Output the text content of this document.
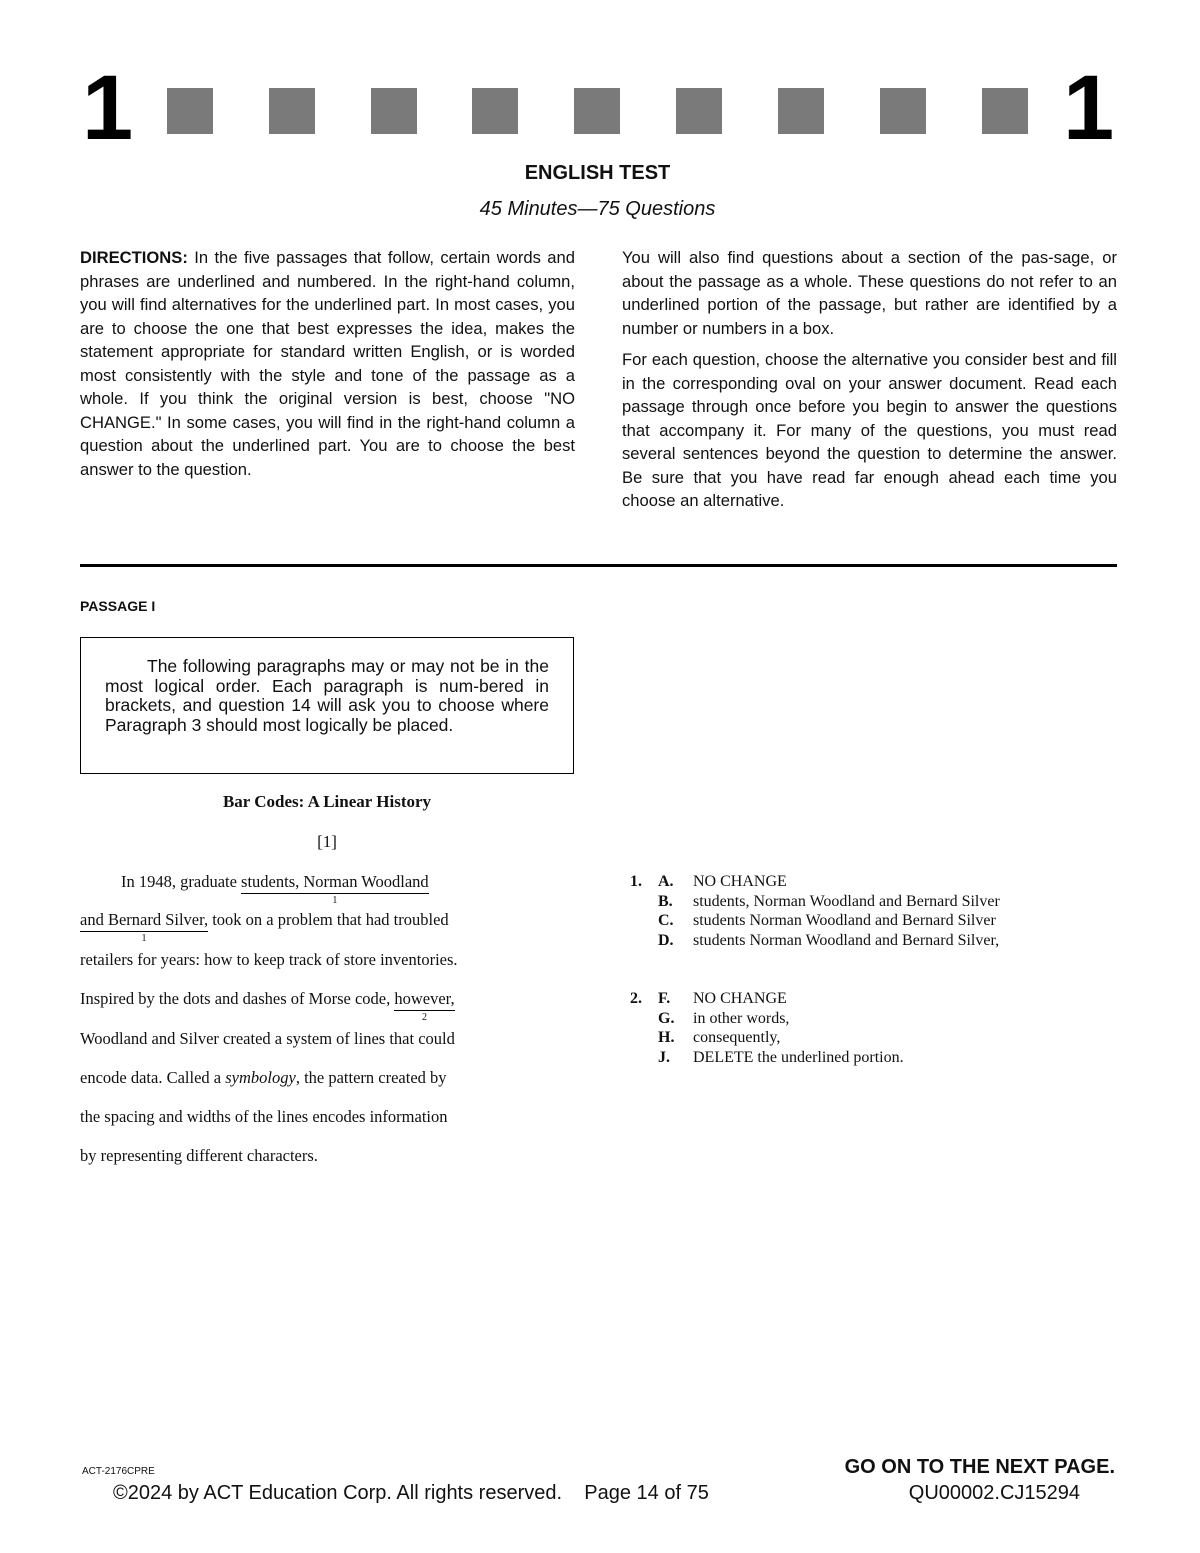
1	1
ENGLISH TEST
45 Minutes—75 Questions

DIRECTIONS: In the five passages that follow, certain words and phrases are underlined and numbered. In the right-hand column, you will find alternatives for the underlined part. In most cases, you are to choose the one that best expresses the idea, makes the statement appropriate for standard written English, or is worded most consistently with the style and tone of the passage as a whole. If you think the original version is best, choose "NO CHANGE." In some cases, you will find in the right-hand column a question about the underlined part. You are to choose the best answer to the question.

You will also find questions about a section of the pas-sage, or about the passage as a whole. These questions do not refer to an underlined portion of the passage, but rather are identified by a number or numbers in a box.

For each question, choose the alternative you consider best and fill in the corresponding oval on your answer document. Read each passage through once before you begin to answer the questions that accompany it. For many of the questions, you must read several sentences beyond the question to determine the answer. Be sure that you have read far enough ahead each time you choose an alternative.

PASSAGE I
The following paragraphs may or may not be in the most logical order. Each paragraph is num-bered in brackets, and question 14 will ask you to choose where Paragraph 3 should most logically be placed.
Bar Codes: A Linear History
[1]
In 1948, graduate students, Norman Woodland
1
and Bernard Silver,
1
took on a problem that had troubled
retailers for years: how to keep track of store inventories.
Inspired by the dots and dashes of Morse code, however,
2
Woodland and Silver created a system of lines that could
encode data. Called a symbology, the pattern created by
the spacing and widths of the lines encodes information
by representing different characters.
1. A. NO CHANGE
B. students, Norman Woodland and Bernard Silver
C. students Norman Woodland and Bernard Silver
D. students Norman Woodland and Bernard Silver,
2. F. NO CHANGE
G. in other words,
H. consequently,
J. DELETE the underlined portion.
ACT-2176CPRE	GO ON TO THE NEXT PAGE.
©2024 by ACT Education Corp. All rights reserved. Page 14 of 75	QU00002.CJ15294
